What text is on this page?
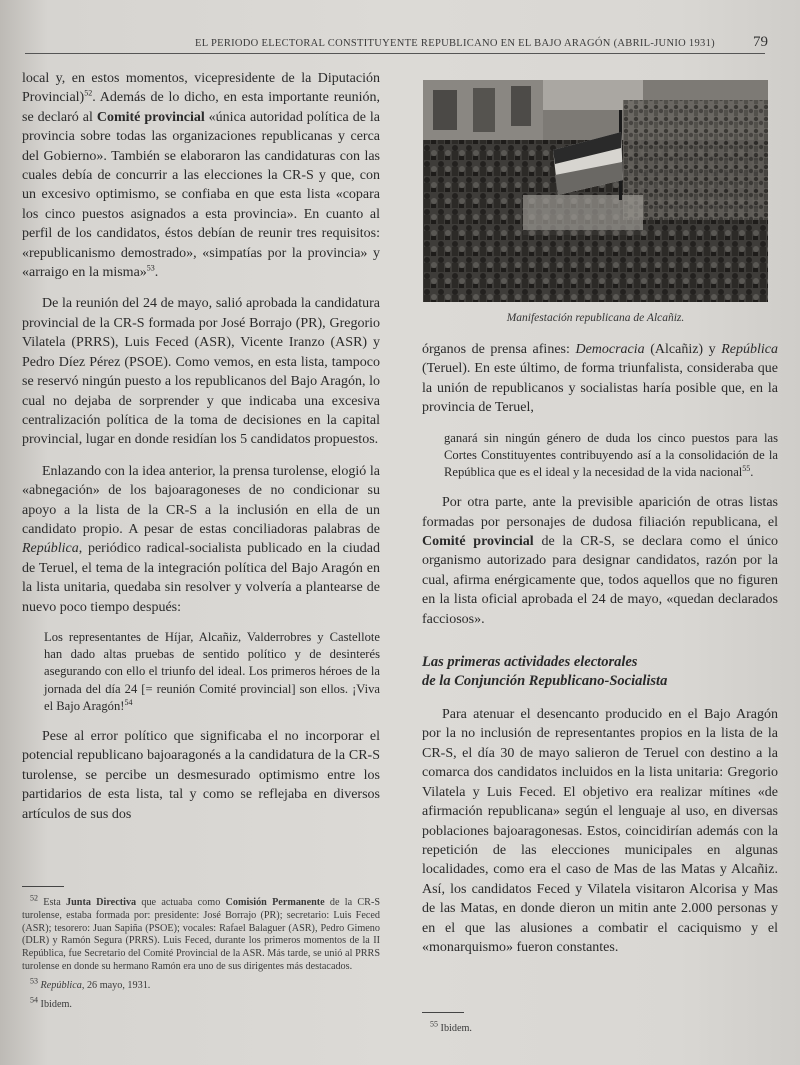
EL PERIODO ELECTORAL CONSTITUYENTE REPUBLICANO EN EL BAJO ARAGÓN (ABRIL-JUNIO 1931)	79

local y, en estos momentos, vicepresidente de la Diputación Provincial)$^{52}$. Además de lo dicho, en esta importante reunión, se declaró al Comité provincial «única autoridad política de la provincia sobre todas las organizaciones republicanas y cerca del Gobierno». También se elaboraron las candidaturas con las cuales debía de concurrir a las elecciones la CR-S y que, con un excesivo optimismo, se confiaba en que esta lista «copara los cinco puestos asignados a esta provincia». En cuanto al perfil de los candidatos, éstos debían de reunir tres requisitos: «republicanismo demostrado», «simpatías por la provincia» y «arraigo en la misma»$^{53}$.

De la reunión del 24 de mayo, salió aprobada la candidatura provincial de la CR-S formada por José Borrajo (PR), Gregorio Vilatela (PRRS), Luis Feced (ASR), Vicente Iranzo (ASR) y Pedro Díez Pérez (PSOE). Como vemos, en esta lista, tampoco se reservó ningún puesto a los republicanos del Bajo Aragón, lo cual no dejaba de sorprender y que indicaba una excesiva centralización política de la toma de decisiones en la capital provincial, lugar en donde residían los 5 candidatos propuestos.

Enlazando con la idea anterior, la prensa turolense, elogió la «abnegación» de los bajoaragoneses de no condicionar su apoyo a la lista de la CR-S a la inclusión en ella de un candidato propio. A pesar de estas conciliadoras palabras de República, periódico radical-socialista publicado en la ciudad de Teruel, el tema de la integración política del Bajo Aragón en la lista unitaria, quedaba sin resolver y volvería a plantearse de nuevo poco tiempo después:

Los representantes de Híjar, Alcañiz, Valderrobres y Castellote han dado altas pruebas de sentido político y de desinterés asegurando con ello el triunfo del ideal. Los primeros héroes de la jornada del día 24 [= reunión Comité provincial] son ellos. ¡Viva el Bajo Aragón!$^{54}$

Pese al error político que significaba el no incorporar el potencial republicano bajoaragonés a la candidatura de la CR-S turolense, se percibe un desmesurado optimismo entre los partidarios de esta lista, tal y como se reflejaba en diversos artículos de sus dos

$^{52}$ Esta Junta Directiva que actuaba como Comisión Permanente de la CR-S turolense, estaba formada por: presidente: José Borrajo (PR); secretario: Luis Feced (ASR); tesorero: Juan Sapiña (PSOE); vocales: Rafael Balaguer (ASR), Pedro Gimeno (DLR) y Ramón Segura (PRRS). Luis Feced, durante los primeros momentos de la II República, fue Secretario del Comité Provincial de la ASR. Más tarde, se unió al PRRS turolense en donde su hermano Ramón era uno de sus dirigentes más destacados.

$^{53}$ República, 26 mayo, 1931.

$^{54}$ Ibidem.

Manifestación republicana de Alcañiz.

órganos de prensa afines: Democracia (Alcañiz) y República (Teruel). En este último, de forma triunfalista, consideraba que la unión de republicanos y socialistas haría posible que, en la provincia de Teruel,

ganará sin ningún género de duda los cinco puestos para las Cortes Constituyentes contribuyendo así a la consolidación de la República que es el ideal y la necesidad de la vida nacional$^{55}$.

Por otra parte, ante la previsible aparición de otras listas formadas por personajes de dudosa filiación republicana, el Comité provincial de la CR-S, se declara como el único organismo autorizado para designar candidatos, razón por la cual, afirma enérgicamente que, todos aquellos que no figuren en la lista oficial aprobada el 24 de mayo, «quedan declarados facciosos».

Las primeras actividades electorales
de la Conjunción Republicano-Socialista

Para atenuar el desencanto producido en el Bajo Aragón por la no inclusión de representantes propios en la lista de la CR-S, el día 30 de mayo salieron de Teruel con destino a la comarca dos candidatos incluidos en la lista unitaria: Gregorio Vilatela y Luis Feced. El objetivo era realizar mítines «de afirmación republicana» según el lenguaje al uso, en diversas poblaciones bajoaragonesas. Estos, coincidirían además con la repetición de las elecciones municipales en algunas localidades, como era el caso de Mas de las Matas y Alcañiz. Así, los candidatos Feced y Vilatela visitaron Alcorisa y Mas de las Matas, en donde dieron un mitin ante 2.000 personas y en el que las alusiones a combatir el caciquismo y el «monarquismo» fueron constantes.

$^{55}$ Ibidem.
